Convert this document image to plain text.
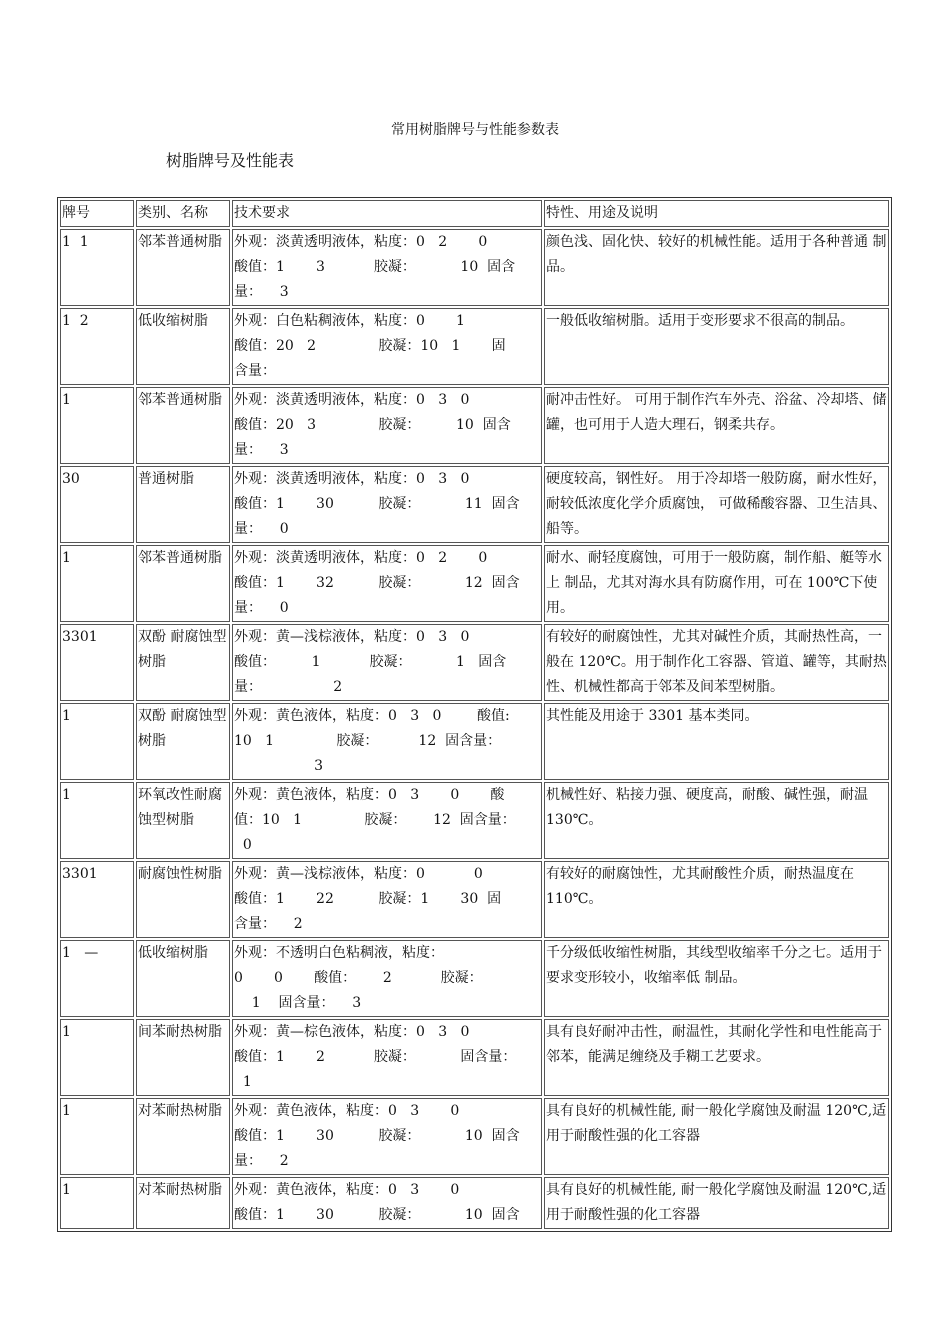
常用树脂牌号与性能参数表
树脂牌号及性能表
牌号	类别、名称	技术要求	特性、用途及说明
1  1	邻苯普通树脂	外观：淡黄透明液体，粘度：0   2       0
酸值：1       3           胶凝：          10  固含
量：    3	颜色浅、固化快、较好的机械性能。适用于各种普通 制品。
1  2	低收缩树脂	外观：白色粘稠液体，粘度：0       1
酸值：20   2              胶凝：10   1       固
含量：	一般低收缩树脂。适用于变形要求不很高的制品。
1	邻苯普通树脂	外观：淡黄透明液体，粘度：0   3   0
酸值：20   3              胶凝：        10  固含
量：    3	耐冲击性好。 可用于制作汽车外壳、浴盆、冷却塔、储罐，也可用于人造大理石，钢柔共存。
30	普通树脂	外观：淡黄透明液体，粘度：0   3   0
酸值：1       30          胶凝：          11  固含
量：    0	硬度较高，钢性好。 用于冷却塔一般防腐，耐水性好，耐较低浓度化学介质腐蚀， 可做稀酸容器、卫生洁具、船等。
1	邻苯普通树脂	外观：淡黄透明液体，粘度：0   2       0
酸值：1       32          胶凝：          12  固含
量：    0	耐水、耐轻度腐蚀，可用于一般防腐，制作船、艇等水上 制品，尤其对海水具有防腐作用，可在 100℃下使用。
3301	双酚 耐腐蚀型树脂	外观：黄—浅棕液体，粘度：0   3   0
酸值：        1           胶凝：          1   固含
量：                2	有较好的耐腐蚀性，尤其对碱性介质，其耐热性高，一般在 120℃。用于制作化工容器、管道、罐等，其耐热性、机械性都高于邻苯及间苯型树脂。
1	双酚 耐腐蚀型树脂	外观：黄色液体，粘度：0   3   0        酸值:
10   1              胶凝：         12  固含量：
3	其性能及用途于 3301 基本类同。
1	环氧改性耐腐蚀型树脂	外观：黄色液体，粘度：0   3       0       酸
值：10   1              胶凝：      12  固含量：
0	机械性好、粘接力强、硬度高，耐酸、碱性强，耐温 130℃。
3301	耐腐蚀性树脂	外观：黄—浅棕液体，粘度：0           0
酸值：1       22          胶凝：1       30  固
含量：    2	有较好的耐腐蚀性，尤其耐酸性介质，耐热温度在 110℃。
1   —	低收缩树脂	外观：不透明白色粘稠液，粘度：
0       0       酸值：      2           胶凝：
1    固含量：    3	千分级低收缩性树脂，其线型收缩率千分之七。适用于要求变形较小，收缩率低 制品。
1	间苯耐热树脂	外观：黄—棕色液体，粘度：0   3   0
酸值：1       2           胶凝：          固含量：
1	具有良好耐冲击性，耐温性，其耐化学性和电性能高于邻苯，能满足缠绕及手糊工艺要求。
1	对苯耐热树脂	外观：黄色液体，粘度：0   3       0
酸值：1       30          胶凝：          10  固含
量：    2	具有良好的机械性能, 耐一般化学腐蚀及耐温 120℃,适用于耐酸性强的化工容器
1	对苯耐热树脂	外观：黄色液体，粘度：0   3       0
酸值：1       30          胶凝：          10  固含	具有良好的机械性能, 耐一般化学腐蚀及耐温 120℃,适用于耐酸性强的化工容器
